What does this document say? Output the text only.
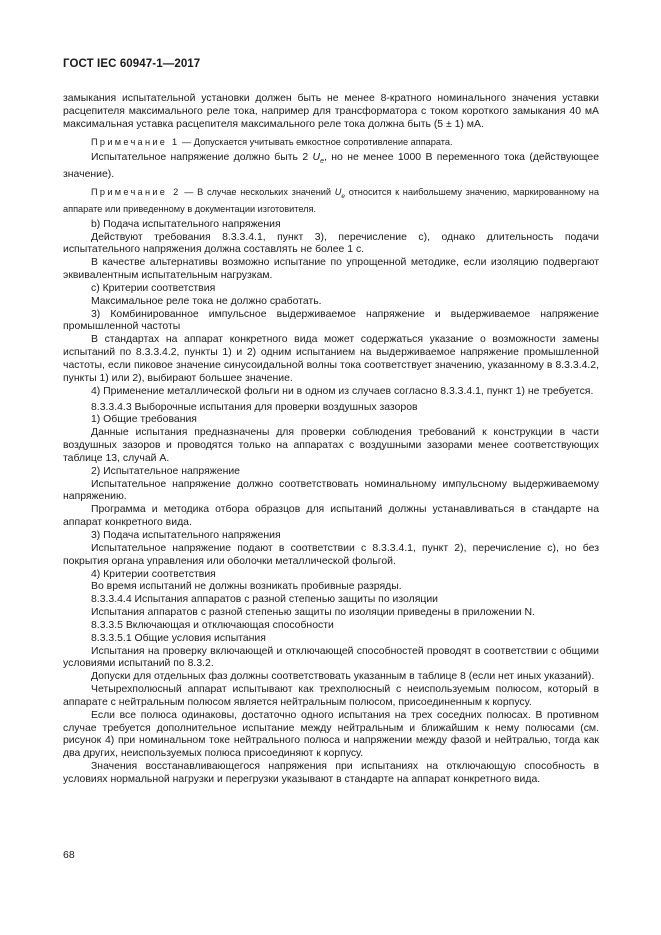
ГОСТ IEC 60947-1—2017

замыкания испытательной установки должен быть не менее 8-кратного номинального значения уставки расцепителя максимального реле тока, например для трансформатора с током короткого замыкания 40 мА максимальная уставка расцепителя максимального реле тока должна быть (5 ± 1) мА.

Примечание 1 — Допускается учитывать емкостное сопротивление аппарата.

Испытательное напряжение должно быть 2 $U_e$, но не менее 1000 В переменного тока (действующее значение).

Примечание 2 — В случае нескольких значений $U_e$ относится к наибольшему значению, маркированному на аппарате или приведенному в документации изготовителя.

b) Подача испытательного напряжения

Действуют требования 8.3.3.4.1, пункт 3), перечисление с), однако длительность подачи испытательного напряжения должна составлять не более 1 с.

В качестве альтернативы возможно испытание по упрощенной методике, если изоляцию подвергают эквивалентным испытательным нагрузкам.

с) Критерии соответствия

Максимальное реле тока не должно сработать.

3) Комбинированное импульсное выдерживаемое напряжение и выдерживаемое напряжение промышленной частоты

В стандартах на аппарат конкретного вида может содержаться указание о возможности замены испытаний по 8.3.3.4.2, пункты 1) и 2) одним испытанием на выдерживаемое напряжение промышленной частоты, если пиковое значение синусоидальной волны тока соответствует значению, указанному в 8.3.3.4.2, пункты 1) или 2), выбирают большее значение.

4) Применение металлической фольги ни в одном из случаев согласно 8.3.3.4.1, пункт 1) не требуется.

8.3.3.4.3 Выборочные испытания для проверки воздушных зазоров

1) Общие требования

Данные испытания предназначены для проверки соблюдения требований к конструкции в части воздушных зазоров и проводятся только на аппаратах с воздушными зазорами менее соответствующих таблице 13, случай А.

2) Испытательное напряжение

Испытательное напряжение должно соответствовать номинальному импульсному выдерживаемому напряжению.

Программа и методика отбора образцов для испытаний должны устанавливаться в стандарте на аппарат конкретного вида.

3) Подача испытательного напряжения

Испытательное напряжение подают в соответствии с 8.3.3.4.1, пункт 2), перечисление с), но без покрытия органа управления или оболочки металлической фольгой.

4) Критерии соответствия

Во время испытаний не должны возникать пробивные разряды.

8.3.3.4.4 Испытания аппаратов с разной степенью защиты по изоляции

Испытания аппаратов с разной степенью защиты по изоляции приведены в приложении N.

8.3.3.5 Включающая и отключающая способности

8.3.3.5.1 Общие условия испытания

Испытания на проверку включающей и отключающей способностей проводят в соответствии с общими условиями испытаний по 8.3.2.

Допуски для отдельных фаз должны соответствовать указанным в таблице 8 (если нет иных указаний).

Четырехполюсный аппарат испытывают как трехполюсный с неиспользуемым полюсом, который в аппарате с нейтральным полюсом является нейтральным полюсом, присоединенным к корпусу.

Если все полюса одинаковы, достаточно одного испытания на трех соседних полюсах. В противном случае требуется дополнительное испытание между нейтральным и ближайшим к нему полюсами (см. рисунок 4) при номинальном токе нейтрального полюса и напряжении между фазой и нейтралью, тогда как два других, неиспользуемых полюса присоединяют к корпусу.

Значения восстанавливающегося напряжения при испытаниях на отключающую способность в условиях нормальной нагрузки и перегрузки указывают в стандарте на аппарат конкретного вида.

68
